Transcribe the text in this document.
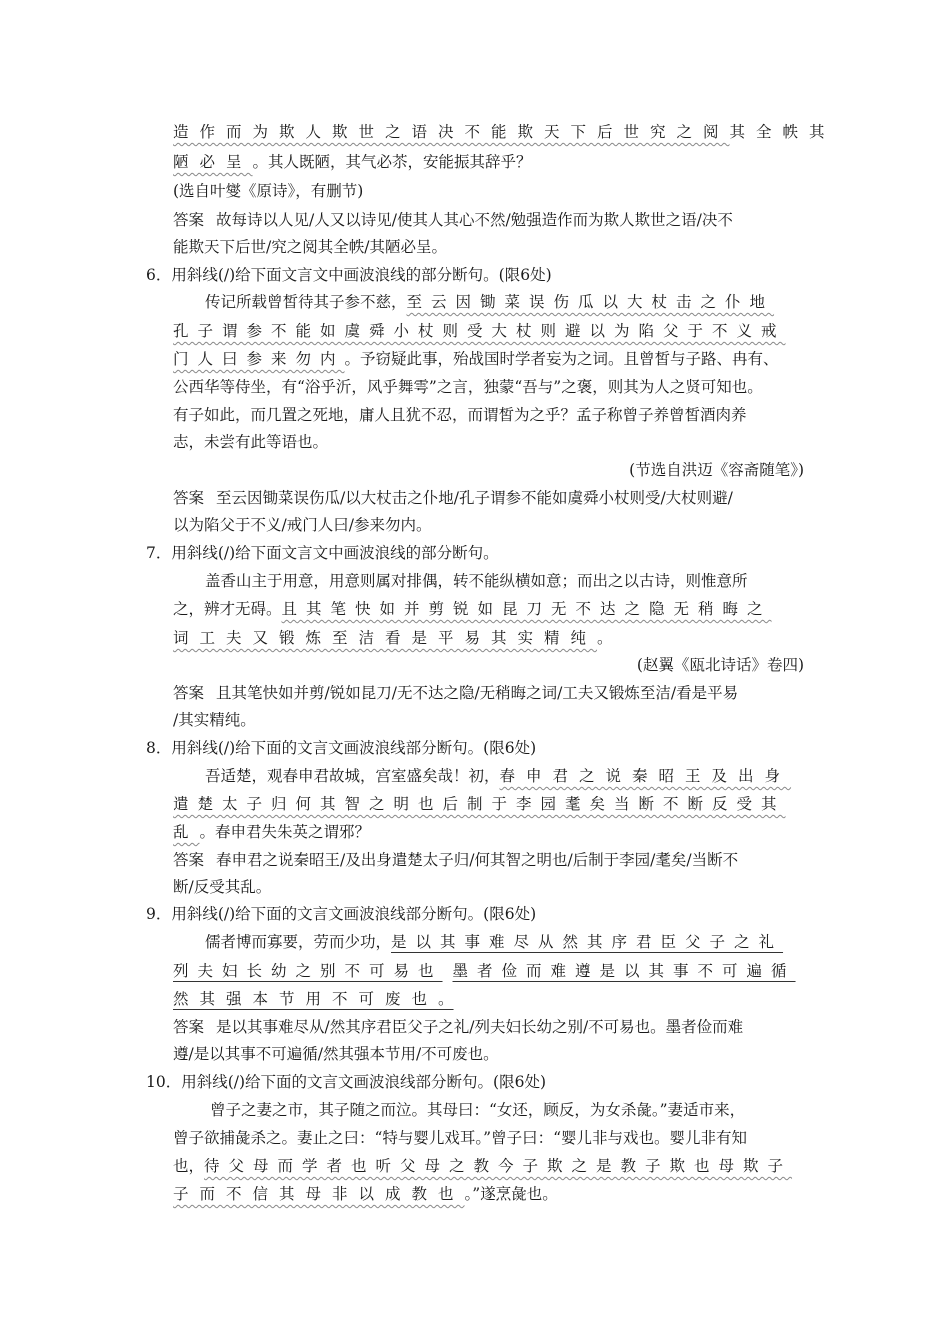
造作而为欺人欺世之语决不能欺天下后世究之阅其全帙其
陋必呈。其人既陋，其气必苶，安能振其辞乎？
(选自叶燮《原诗》，有删节)
答案 故每诗以人见/人又以诗见/使其人其心不然/勉强造作而为欺人欺世之语/决不
能欺天下后世/究之阅其全帙/其陋必呈。
6．用斜线(/)给下面文言文中画波浪线的部分断句。(限6处)
传记所载曾皙待其子参不慈，至云因锄菜误伤瓜以大杖击之仆地
孔子谓参不能如虞舜小杖则受大杖则避以为陷父于不义戒
门人曰参来勿内。予窃疑此事，殆战国时学者妄为之词。且曾皙与子路、冉有、
公西华等侍坐，有“浴乎沂，风乎舞雩”之言，独蒙“吾与”之褒，则其为人之贤可知也。
有子如此，而几置之死地，庸人且犹不忍，而谓皙为之乎？孟子称曾子养曾皙酒肉养
志，未尝有此等语也。
(节选自洪迈《容斋随笔》)
答案 至云因锄菜误伤瓜/以大杖击之仆地/孔子谓参不能如虞舜小杖则受/大杖则避/
以为陷父于不义/戒门人曰/参来勿内。
7．用斜线(/)给下面文言文中画波浪线的部分断句。
盖香山主于用意，用意则属对排偶，转不能纵横如意；而出之以古诗，则惟意所
之，辨才无碍。且其笔快如并剪锐如昆刀无不达之隐无稍晦之
词工夫又锻炼至洁看是平易其实精纯。
(赵翼《瓯北诗话》卷四)
答案 且其笔快如并剪/锐如昆刀/无不达之隐/无稍晦之词/工夫又锻炼至洁/看是平易
/其实精纯。
8．用斜线(/)给下面的文言文画波浪线部分断句。(限6处)
吾适楚，观春申君故城，宫室盛矣哉！初，春申君之说秦昭王及出身
遣楚太子归何其智之明也后制于李园耄矣当断不断反受其
乱。春申君失朱英之谓邪？
答案 春申君之说秦昭王/及出身遣楚太子归/何其智之明也/后制于李园/耄矣/当断不
断/反受其乱。
9．用斜线(/)给下面的文言文画波浪线部分断句。(限6处)
儒者博而寡要，劳而少功，是以其事难尽从然其序君臣父子之礼
列夫妇长幼之别不可易也 墨者俭而难遵是以其事不可遍循
然其强本节用不可废也。
答案 是以其事难尽从/然其序君臣父子之礼/列夫妇长幼之别/不可易也。墨者俭而难
遵/是以其事不可遍循/然其强本节用/不可废也。
10．用斜线(/)给下面的文言文画波浪线部分断句。(限6处)
曾子之妻之市，其子随之而泣。其母曰：“女还，顾反，为女杀彘。”妻适市来，
曾子欲捕彘杀之。妻止之曰：“特与婴儿戏耳。”曾子曰：“婴儿非与戏也。婴儿非有知
也，待父母而学者也听父母之教今子欺之是教子欺也母欺子
子而不信其母非以成教也。”遂烹彘也。
